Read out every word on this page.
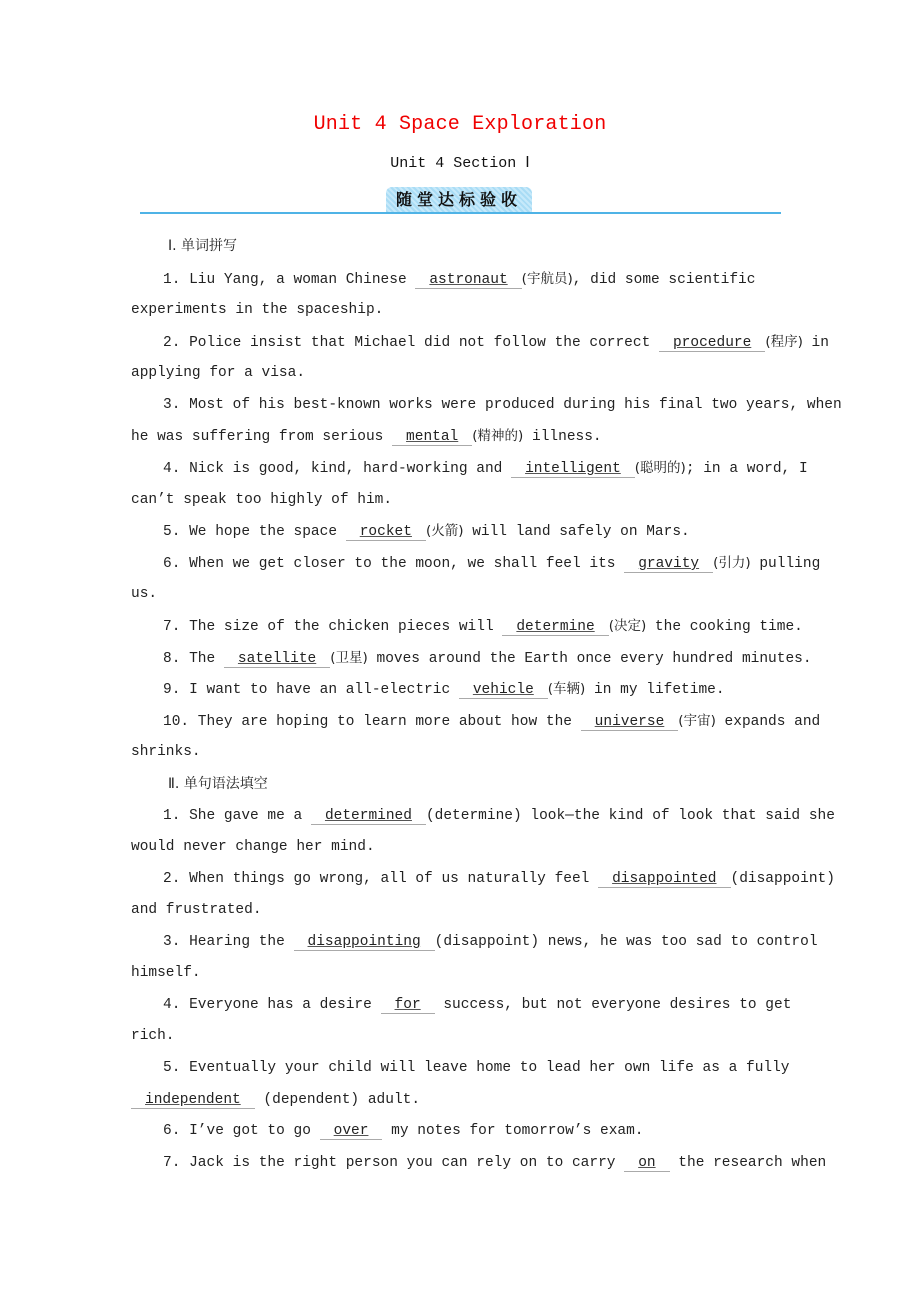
Unit 4 Space Exploration
Unit 4 Section Ⅰ
随堂达标验收
Ⅰ. 单词拼写
1. Liu Yang, a woman Chinese astronaut (宇航员), did some scientific
experiments in the spaceship.
2. Police insist that Michael did not follow the correct procedure (程序) in
applying for a visa.
3. Most of his best-known works were produced during his final two years, when
he was suffering from serious mental (精神的) illness.
4. Nick is good, kind, hard-working and intelligent (聪明的); in a word, I
can’t speak too highly of him.
5. We hope the space rocket (火箭) will land safely on Mars.
6. When we get closer to the moon, we shall feel its gravity (引力) pulling
us.
7. The size of the chicken pieces will determine (决定) the cooking time.
8. The satellite (卫星) moves around the Earth once every hundred minutes.
9. I want to have an all-electric vehicle (车辆) in my lifetime.
10. They are hoping to learn more about how the universe (宇宙) expands and
shrinks.
Ⅱ. 单句语法填空
1. She gave me a determined (determine) look—the kind of look that said she
would never change her mind.
2. When things go wrong, all of us naturally feel disappointed (disappoint)
and frustrated.
3. Hearing the disappointing (disappoint) news, he was too sad to control
himself.
4. Everyone has a desire for success, but not everyone desires to get
rich.
5. Eventually your child will leave home to lead her own life as a fully
independent (dependent) adult.
6. I’ve got to go over my notes for tomorrow’s exam.
7. Jack is the right person you can rely on to carry on the research when
